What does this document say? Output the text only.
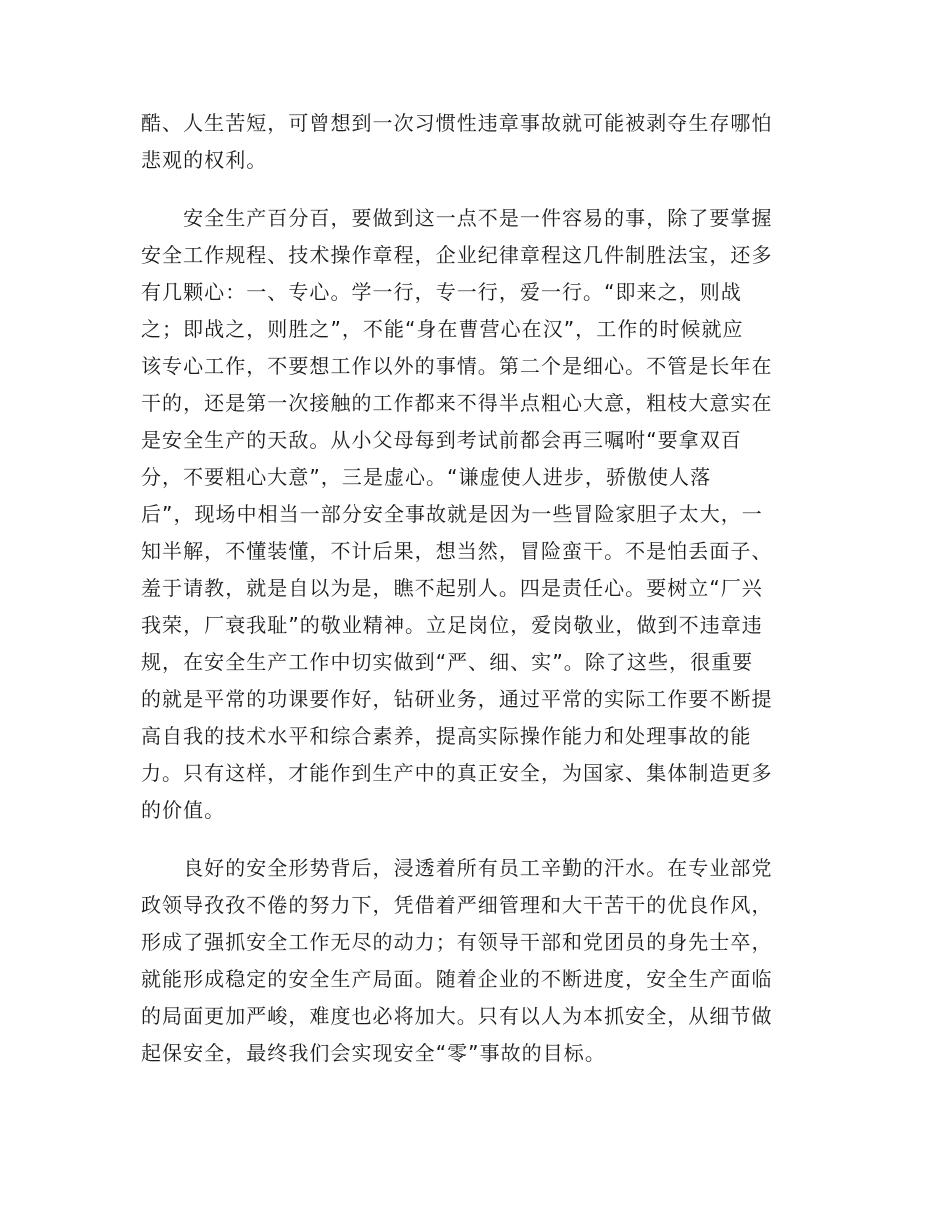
酷、人生苦短，可曾想到一次习惯性违章事故就可能被剥夺生存哪怕
悲观的权利。
　　安全生产百分百，要做到这一点不是一件容易的事，除了要掌握
安全工作规程、技术操作章程，企业纪律章程这几件制胜法宝，还多
有几颗心：一、专心。学一行，专一行，爱一行。“即来之，则战
之；即战之，则胜之”，不能“身在曹营心在汉”，工作的时候就应
该专心工作，不要想工作以外的事情。第二个是细心。不管是长年在
干的，还是第一次接触的工作都来不得半点粗心大意，粗枝大意实在
是安全生产的天敌。从小父母每到考试前都会再三嘱咐“要拿双百
分，不要粗心大意”，三是虚心。“谦虚使人进步，骄傲使人落
后”，现场中相当一部分安全事故就是因为一些冒险家胆子太大，一
知半解，不懂装懂，不计后果，想当然，冒险蛮干。不是怕丢面子、
羞于请教，就是自以为是，瞧不起别人。四是责任心。要树立“厂兴
我荣，厂衰我耻”的敬业精神。立足岗位，爱岗敬业，做到不违章违
规，在安全生产工作中切实做到“严、细、实”。除了这些，很重要
的就是平常的功课要作好，钻研业务，通过平常的实际工作要不断提
高自我的技术水平和综合素养，提高实际操作能力和处理事故的能
力。只有这样，才能作到生产中的真正安全，为国家、集体制造更多
的价值。
　　良好的安全形势背后，浸透着所有员工辛勤的汗水。在专业部党
政领导孜孜不倦的努力下，凭借着严细管理和大干苦干的优良作风，
形成了强抓安全工作无尽的动力；有领导干部和党团员的身先士卒，
就能形成稳定的安全生产局面。随着企业的不断进度，安全生产面临
的局面更加严峻，难度也必将加大。只有以人为本抓安全，从细节做
起保安全，最终我们会实现安全“零”事故的目标。
